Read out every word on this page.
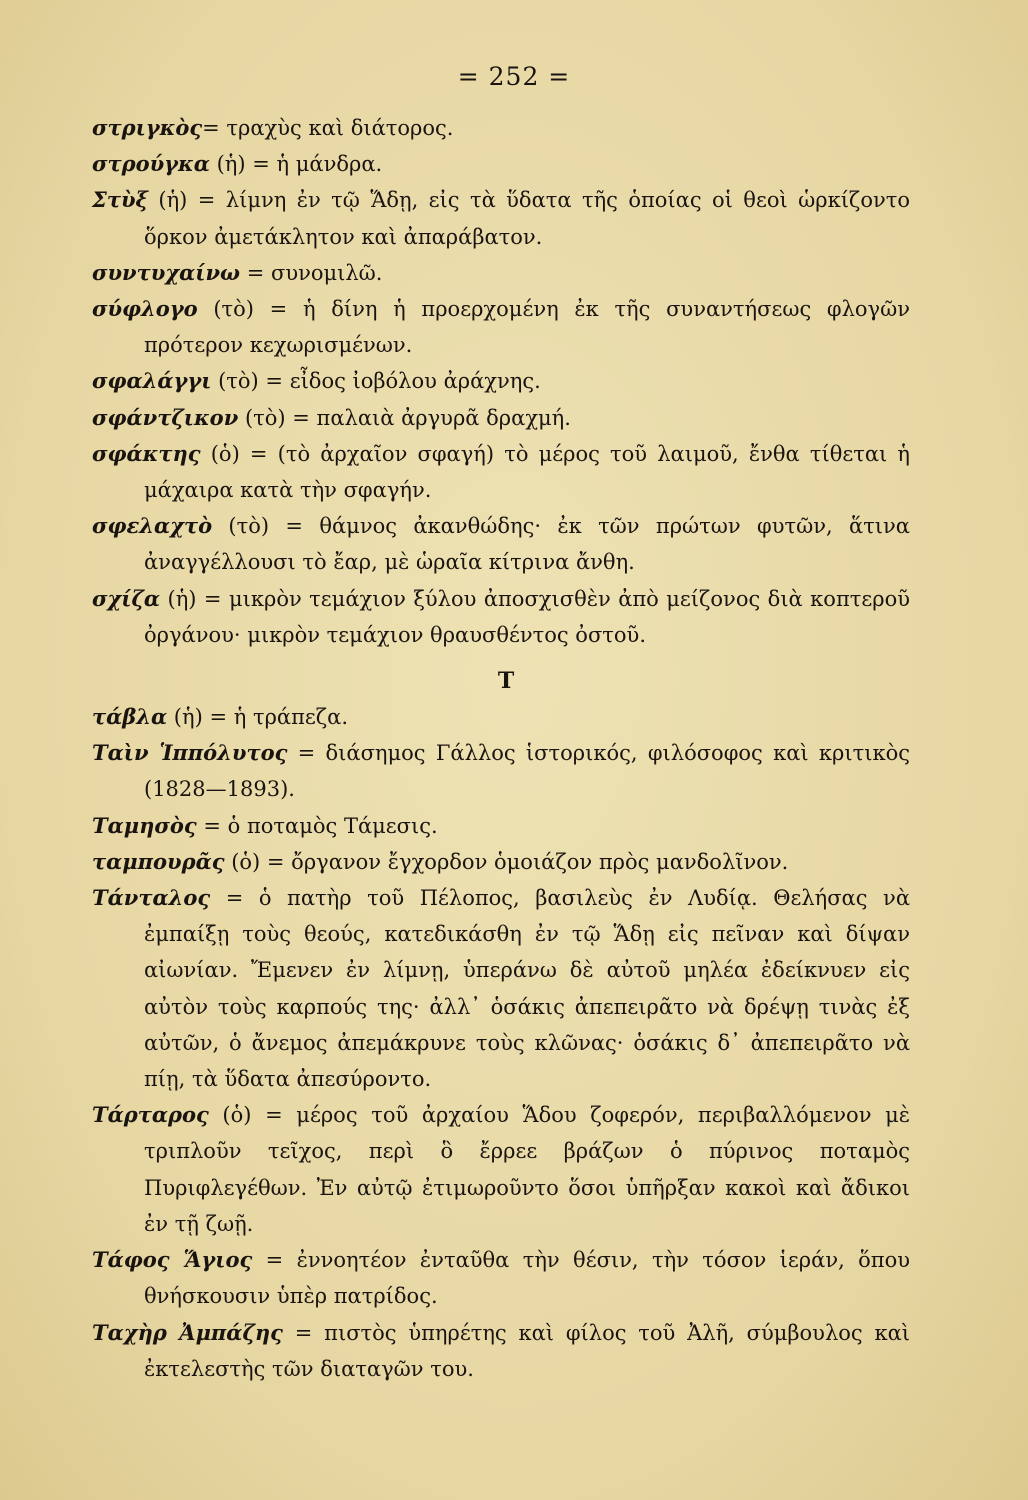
= 252 =

στριγκὸς= τραχὺς καὶ διάτορος.

στρούγκα (ἡ) = ἡ μάνδρα.

Στὺξ (ἡ) = λίμνη ἐν τῷ Ἅδῃ, εἰς τὰ ὕδατα τῆς ὁποίας οἱ θεοὶ ὡρκίζοντο ὅρκον ἀμετάκλητον καὶ ἀπαράβατον.

συντυχαίνω = συνομιλῶ.

σύφλογο (τὸ) = ἡ δίνη ἡ προερχομένη ἐκ τῆς συναντήσεως φλογῶν πρότερον κεχωρισμένων.

σφαλάγγι (τὸ) = εἶδος ἰοβόλου ἀράχνης.

σφάντζικον (τὸ) = παλαιὰ ἀργυρᾶ δραχμή.

σφάκτης (ὁ) = (τὸ ἀρχαῖον σφαγή) τὸ μέρος τοῦ λαιμοῦ, ἔνθα τίθεται ἡ μάχαιρα κατὰ τὴν σφαγήν.

σφελαχτὸ (τὸ) = θάμνος ἀκανθώδης· ἐκ τῶν πρώτων φυτῶν, ἅτινα ἀναγγέλλουσι τὸ ἔαρ, μὲ ὡραῖα κίτρινα ἄνθη.

σχίζα (ἡ) = μικρὸν τεμάχιον ξύλου ἀποσχισθὲν ἀπὸ μείζονος διὰ κοπτεροῦ ὀργάνου· μικρὸν τεμάχιον θραυσθέντος ὀστοῦ.

Τ

τάβλα (ἡ) = ἡ τράπεζα.

Ταὶν Ἱππόλυτος = διάσημος Γάλλος ἱστορικός, φιλόσοφος καὶ κριτικὸς (1828—1893).

Ταμησὸς = ὁ ποταμὸς Τάμεσις.

ταμπουρᾶς (ὁ) = ὄργανον ἔγχορδον ὁμοιάζον πρὸς μανδολῖνον.

Τάνταλος = ὁ πατὴρ τοῦ Πέλοπος, βασιλεὺς ἐν Λυδίᾳ. Θελήσας νὰ ἐμπαίξῃ τοὺς θεούς, κατεδικάσθη ἐν τῷ Ἅδῃ εἰς πεῖναν καὶ δίψαν αἰωνίαν. Ἔμενεν ἐν λίμνῃ, ὑπεράνω δὲ αὐτοῦ μηλέα ἐδείκνυεν εἰς αὐτὸν τοὺς καρπούς της· ἀλλ᾽ ὁσάκις ἀπεπειρᾶτο νὰ δρέψῃ τινὰς ἐξ αὐτῶν, ὁ ἄνεμος ἀπεμάκρυνε τοὺς κλῶνας· ὁσάκις δ᾽ ἀπεπειρᾶτο νὰ πίῃ, τὰ ὕδατα ἀπεσύροντο.

Τάρταρος (ὁ) = μέρος τοῦ ἀρχαίου Ἅδου ζοφερόν, περιβαλλόμενον μὲ τριπλοῦν τεῖχος, περὶ ὃ ἔρρεε βράζων ὁ πύρινος ποταμὸς Πυριφλεγέθων. Ἐν αὐτῷ ἐτιμωροῦντο ὅσοι ὑπῆρξαν κακοὶ καὶ ἄδικοι ἐν τῇ ζωῇ.

Τάφος Ἅγιος = ἐννοητέον ἐνταῦθα τὴν θέσιν, τὴν τόσον ἱεράν, ὅπου θνήσκουσιν ὑπὲρ πατρίδος.

Ταχὴρ Ἀμπάζης = πιστὸς ὑπηρέτης καὶ φίλος τοῦ Ἀλῆ, σύμβουλος καὶ ἐκτελεστὴς τῶν διαταγῶν του.
